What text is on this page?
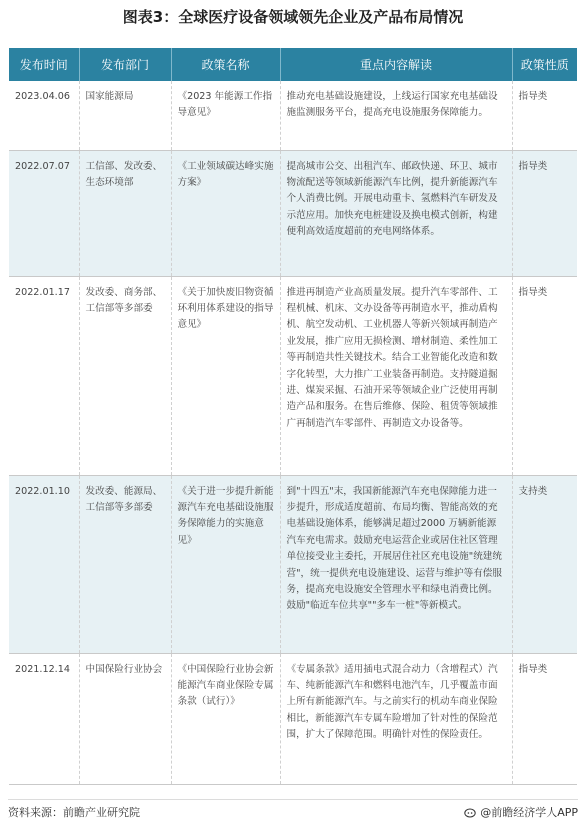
图表3：全球医疗设备领域领先企业及产品布局情况
发布时间	发布部门	政策名称	重点内容解读	政策性质
2023.04.06	国家能源局	《2023 年能源工作指导意见》	推动充电基础设施建设，上线运行国家充电基础设施监测服务平台，提高充电设施服务保障能力。	指导类
2022.07.07	工信部、发改委、生态环境部	《工业领域碳达峰实施方案》	提高城市公交、出租汽车、邮政快递、环卫、城市物流配送等领域新能源汽车比例，提升新能源汽车个人消费比例。开展电动重卡、氢燃料汽车研发及示范应用。加快充电桩建设及换电模式创新，构建便利高效适度超前的充电网络体系。	指导类
2022.01.17	发改委、商务部、工信部等多部委	《关于加快废旧物资循环利用体系建设的指导意见》	推进再制造产业高质量发展。提升汽车零部件、工程机械、机床、文办设备等再制造水平，推动盾构机、航空发动机、工业机器人等新兴领域再制造产业发展，推广应用无损检测、增材制造、柔性加工等再制造共性关键技术。结合工业智能化改造和数字化转型，大力推广工业装备再制造。支持隧道掘进、煤炭采掘、石油开采等领域企业广泛使用再制造产品和服务。在售后维修、保险、租赁等领域推广再制造汽车零部件、再制造文办设备等。	指导类
2022.01.10	发改委、能源局、工信部等多部委	《关于进一步提升新能源汽车充电基础设施服务保障能力的实施意见》	到"十四五"末，我国新能源汽车充电保障能力进一步提升，形成适度超前、布局均衡、智能高效的充电基础设施体系，能够满足超过2000 万辆新能源汽车充电需求。鼓励充电运营企业或居住社区管理单位接受业主委托，开展居住社区充电设施"统建统营"，统一提供充电设施建设、运营与维护等有偿服务，提高充电设施安全管理水平和绿电消费比例。鼓励"临近车位共享""多车一桩"等新模式。	支持类
2021.12.14	中国保险行业协会	《中国保险行业协会新能源汽车商业保险专属条款（试行）》	《专属条款》适用插电式混合动力（含增程式）汽车、纯新能源汽车和燃料电池汽车，几乎覆盖市面上所有新能源汽车。与之前实行的机动车商业保险相比，新能源汽车专属车险增加了针对性的保险范围，扩大了保障范围。明确针对性的保险责任。	指导类
资料来源：前瞻产业研究院	@前瞻经济学人APP
